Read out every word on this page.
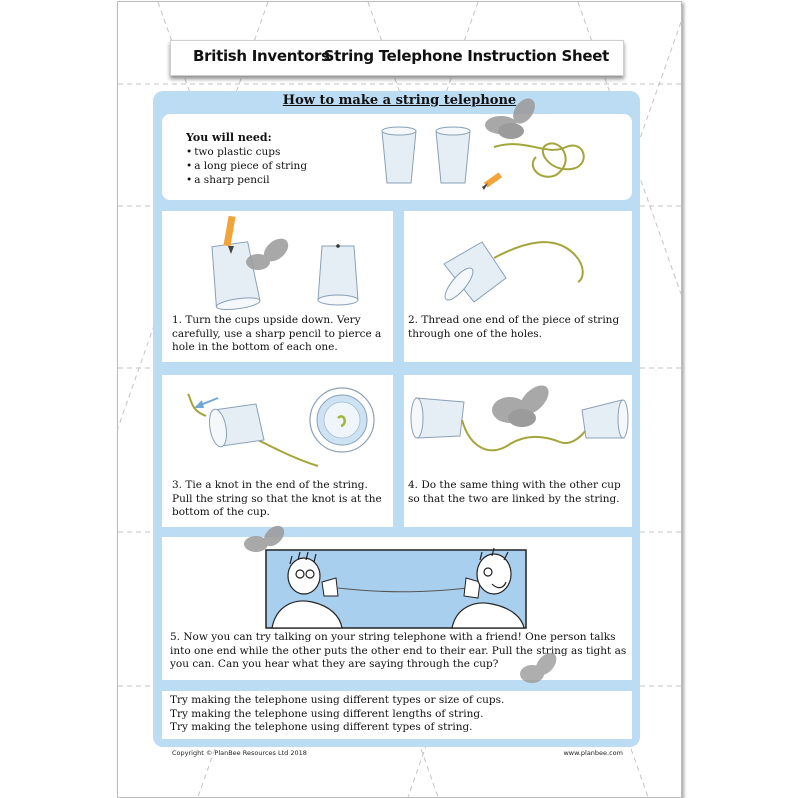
British Inventors
String Telephone Instruction Sheet
How to make a string telephone
You will need:
• two plastic cups
• a long piece of string
• a sharp pencil

1. Turn the cups upside down. Very carefully, use a sharp pencil to pierce a hole in the bottom of each one.

2. Thread one end of the piece of string through one of the holes.

3. Tie a knot in the end of the string. Pull the string so that the knot is at the bottom of the cup.

4. Do the same thing with the other cup so that the two are linked by the string.

5. Now you can try talking on your string telephone with a friend! One person talks into one end while the other puts the other end to their ear. Pull the string as tight as you can. Can you hear what they are saying through the cup?

Try making the telephone using different types or size of cups.

Try making the telephone using different lengths of string.

Try making the telephone using different types of string.

Copyright © PlanBee Resources Ltd 2018	www.planbee.com
